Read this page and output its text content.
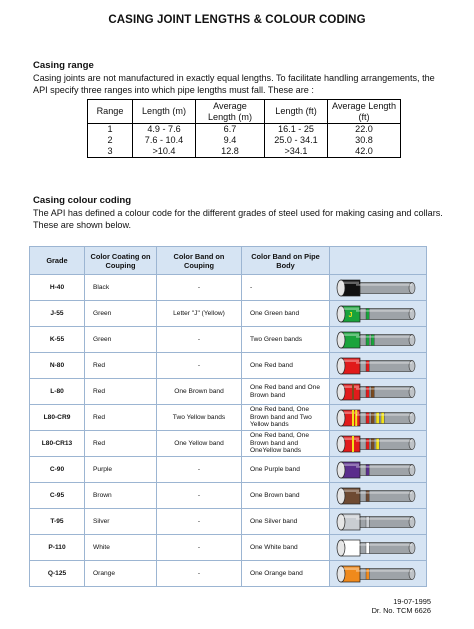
CASING JOINT LENGTHS & COLOUR CODING
Casing range
Casing joints are not manufactured in exactly equal lengths. To facilitate handling arrangements, the API specify three ranges into which pipe lengths must fall. These are :
Range	Length (m)	Average Length (m)	Length (ft)	Average Length (ft)
1	4.9 - 7.6	6.7	16.1 - 25	22.0
2	7.6 - 10.4	9.4	25.0 - 34.1	30.8
3	>10.4	12.8	>34.1	42.0
Casing colour coding
The API has defined a colour code for the different grades of steel used for making casing and collars. These are shown below.
Grade	Color Coating on Couping	Color Band on Couping	Color Band on Pipe Body	
H-40	Black	-	-	

J-55	Green	Letter "J" (Yellow)	One Green band	J

K-55	Green	-	Two Green bands	

N-80	Red	-	One Red band	

L-80	Red	One Brown band	One Red band and One Brown band	

L80-CR9	Red	Two Yellow bands	One Red band, One Brown band and Two Yellow bands	

L80-CR13	Red	One Yellow band	One Red band, One Brown band and OneYellow bands	

C-90	Purple	-	One Purple band	

C-95	Brown	-	One Brown band	

T-95	Silver	-	One Silver band	

P-110	White	-	One White band	

Q-125	Orange	-	One Orange band	
19-07-1995
Dr. No. TCM 6626
